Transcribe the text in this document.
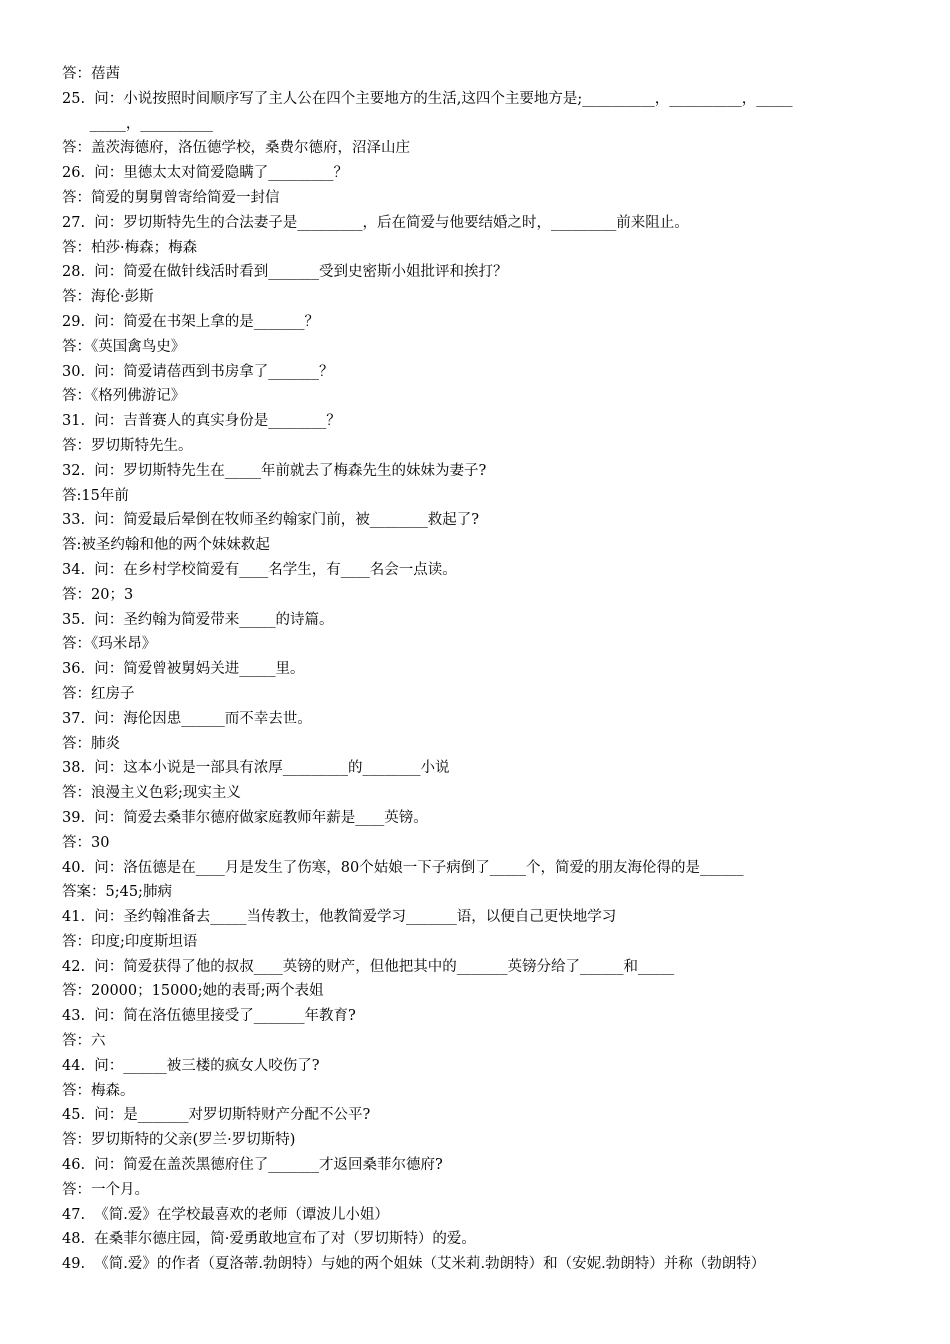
答：蓓茜
25.  问：小说按照时间顺序写了主人公在四个主要地方的生活,这四个主要地方是;__________，__________，_____
_____，__________
答：盖茨海德府，洛伍德学校，桑费尔德府，沼泽山庄
26.  问：里德太太对简爱隐瞒了_________？
答：简爱的舅舅曾寄给简爱一封信
27.  问：罗切斯特先生的合法妻子是_________，后在简爱与他要结婚之时，_________前来阻止。
答：柏莎·梅森；梅森
28.  问：简爱在做针线活时看到_______受到史密斯小姐批评和挨打？
答：海伦·彭斯
29.  问：简爱在书架上拿的是_______？
答：《英国禽鸟史》
30.  问：简爱请蓓西到书房拿了_______？
答：《格列佛游记》
31.  问：吉普赛人的真实身份是________？
答：罗切斯特先生。
32.  问：罗切斯特先生在_____年前就去了梅森先生的妹妹为妻子?
答:15年前
33.  问：简爱最后晕倒在牧师圣约翰家门前，被________救起了?
答:被圣约翰和他的两个妹妹救起
34.  问：在乡村学校简爱有____名学生，有____名会一点读。
答：20；3
35.  问：圣约翰为简爱带来_____的诗篇。
答：《玛米昂》
36.  问：简爱曾被舅妈关进_____里。
答：红房子
37.  问：海伦因患______而不幸去世。
答：肺炎
38.  问：这本小说是一部具有浓厚_________的________小说
答：浪漫主义色彩;现实主义
39.  问：简爱去桑菲尔德府做家庭教师年薪是____英镑。
答：30
40.  问：洛伍德是在____月是发生了伤寒，80个姑娘一下子病倒了_____个，简爱的朋友海伦得的是______
答案：5;45;肺病
41.  问：圣约翰准备去_____当传教士，他教简爱学习_______语，以便自己更快地学习
答：印度;印度斯坦语
42.  问：简爱获得了他的叔叔____英镑的财产，但他把其中的_______英镑分给了______和_____
答：20000；15000;她的表哥;两个表姐
43.  问：简在洛伍德里接受了_______年教育?
答：六
44.  问：______被三楼的疯女人咬伤了?
答：梅森。
45.  问：是_______对罗切斯特财产分配不公平?
答：罗切斯特的父亲(罗兰·罗切斯特)
46.  问：简爱在盖茨黑德府住了_______才返回桑菲尔德府?
答：一个月。
47.  《简.爱》在学校最喜欢的老师（谭波儿小姐）
48.  在桑菲尔德庄园，简·爱勇敢地宣布了对（罗切斯特）的爱。
49.  《简.爱》的作者（夏洛蒂.勃朗特）与她的两个姐妹（艾米莉.勃朗特）和（安妮.勃朗特）并称（勃朗特）
